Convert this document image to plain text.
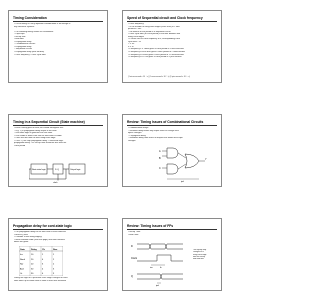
Timing Consideration
• Circuit timing is a very important consideration in the design of
any electronic systems

• The following timing issues are considered:
– Flip-Flops
• Set-up time
• Hold time
• Propagation delay
– Combinational circuits
• Propagation delay
– Sequential circuits
• Propagation delay (time horizon)
• Clock frequency / Clock cycle time
Speed of Sequential circuit and Clock frequency
• Clock frequency:
– is the number of rising-clock edges (clock ticks) in 1 time
period of 1 sec.
– the inverse of the period of a sequential circuit
• Clock cycle time (or clock period) is the time between two
rising clock edges
• If circuit runs at clock frequency of F, corresponding clock
cycle time T is:
T = 1/F
F = 1/T
• If frequency F = 1MHz gives a clock period of 1 micro-second
• If frequency F=500 MHz gives a clock period of 2 nano-second
• If frequency F=1GHz gives a clock period of 1.0 nano-second
• If frequency F=1 THz gives a clock period of 1 pico-second
(1 micro-second = 10⁻⁶ s) (1 nano-second = 10⁻⁹ s) (1 pico-second = 10⁻¹² s)
Timing in a Sequential Circuit (State machine)
• From a timing point of view, we should distinguish two:
– E.g. 1) is propagation delay output of the state
– next state logic to generate the next state
• One needs to make sure that the next-state is stable
• There are one time the next rising-clock edge
• Thus: C) the Flop propagation delay + Next-state logic
propagation delay + FF set-up time should be less than the
Clock period
Next-state logic	D Q	Output logic
clock
Review: Timing Issues of Combinational Circuits
• Combinational delays
– Minimum delay before any output starts to change once
inputs changes
– Propagation delay
– Maximum delay after which all outputs are stable once input
changes
A
B
C
Y
tpd
Propagation delay for cont.state logic
• The propagation delay for the next state is also called the
Clock-to-Q time
• Consider it from rising edge(s)
• State transition table (see next page) and state machine
tables are given:
Gate	Delay	Ch	Size
Inv	10	1	1
Nand	20	4	2
Nor	20	3	2
And	30	4	3
Or	30	4	3
During the logic for a particular clock stage changes for each
state takes up to some extra of state a and b one transition
Review: Timing Issues of FFs
• Set-up Time:
• Hold Time:
D
Clock
tsu	th
Q
tpd
The flip-flop only
changes on a
rising clock edge
after the set-up
and hold time
